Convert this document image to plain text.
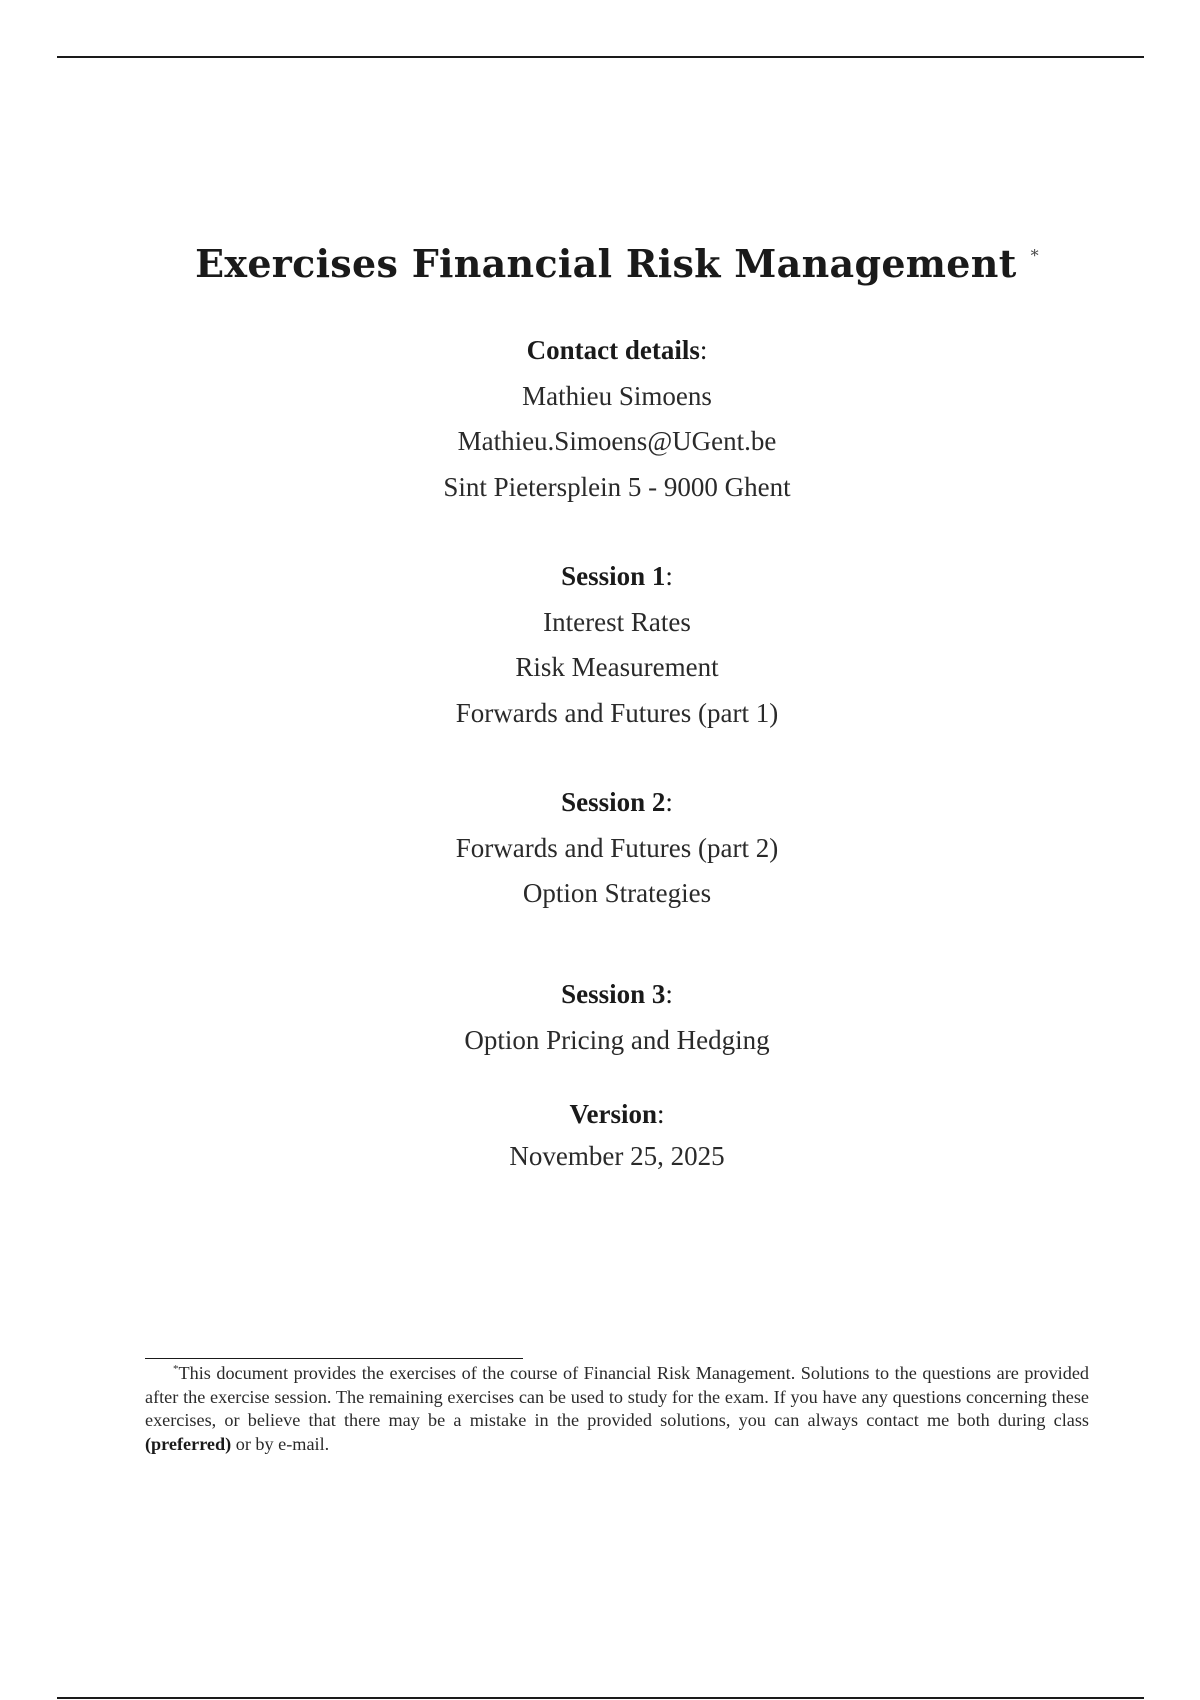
Exercises Financial Risk Management *
Contact details:
Mathieu Simoens
Mathieu.Simoens@UGent.be
Sint Pietersplein 5 - 9000 Ghent
Session 1:
Interest Rates
Risk Measurement
Forwards and Futures (part 1)
Session 2:
Forwards and Futures (part 2)
Option Strategies
Session 3:
Option Pricing and Hedging
Version:
November 25, 2025
*This document provides the exercises of the course of Financial Risk Management. Solutions to the questions are provided after the exercise session. The remaining exercises can be used to study for the exam. If you have any questions concerning these exercises, or believe that there may be a mistake in the provided solutions, you can always contact me both during class (preferred) or by e-mail.
